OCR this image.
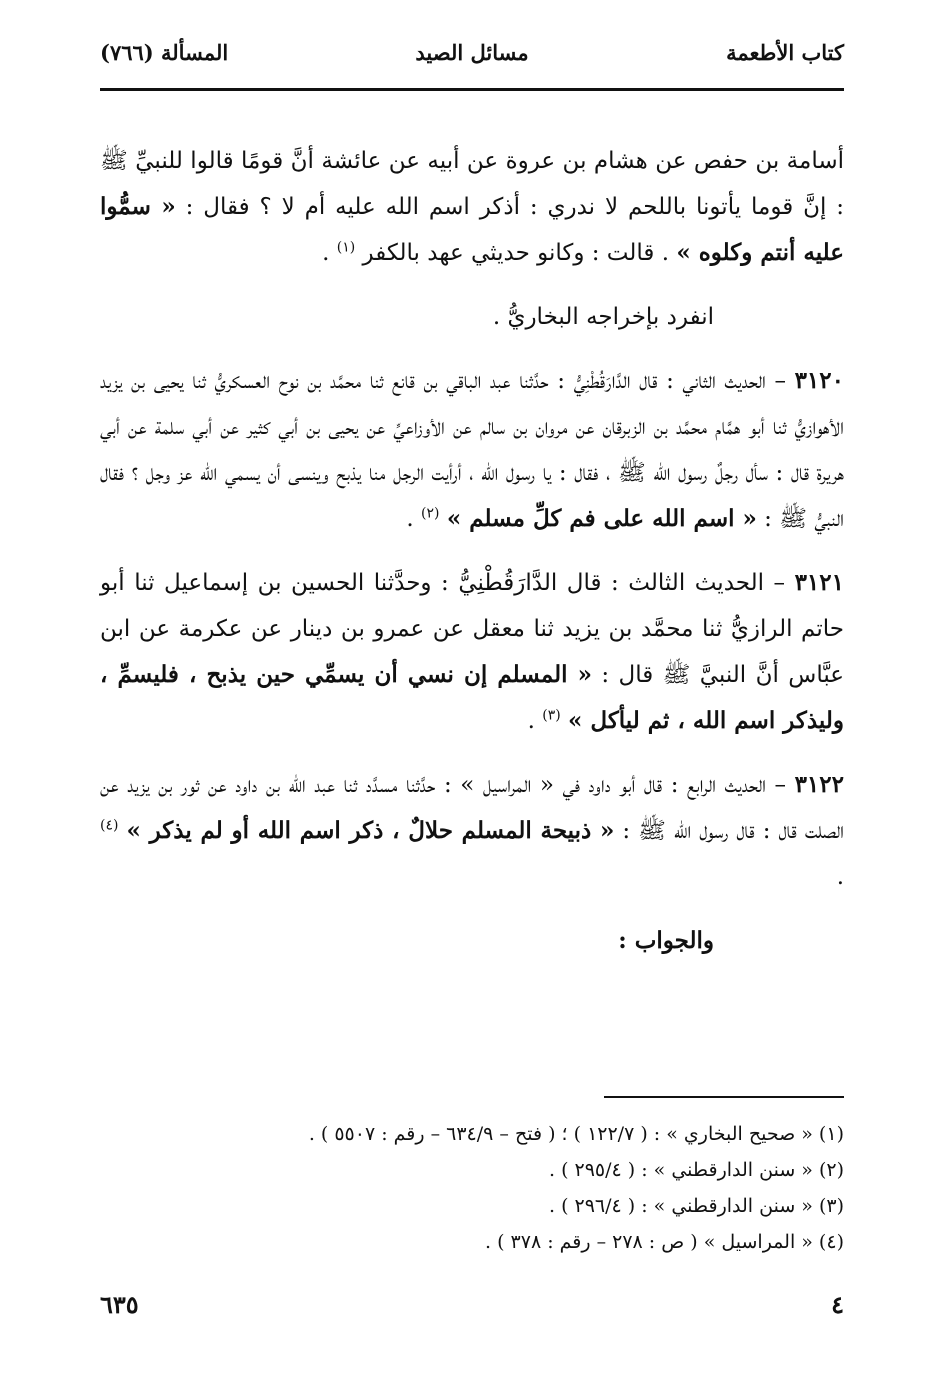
كتاب الأطعمة
مسائل الصيد
المسألة (٧٦٦)

أسامة بن حفص عن هشام بن عروة عن أبيه عن عائشة أنَّ قومًا قالوا للنبيِّ ﷺ : إنَّ قوما يأتونا باللحم لا ندري : أذكر اسم الله عليه أم لا ؟ فقال : « سمُّوا عليه أنتم وكلوه » . قالت : وكانو حديثي عهد بالكفر $^{(١)}$ .

انفرد بإخراجه البخاريُّ .

٣١٢٠ – الحديث الثاني : قال الدَّارَقُطْنِيُّ : حدَّثنا عبد الباقي بن قانع ثنا محمَّد بن نوح العسكريُّ ثنا يحيى بن يزيد الأهوازيُّ ثنا أبو همَّام محمَّد بن الزبرقان عن مروان بن سالم عن الأوزاعيِّ عن يحيى بن أبي كثير عن أبي سلمة عن أبي هريرة قال : سأل رجلٌ رسول الله ﷺ ، فقال : يا رسول الله ، أرأيت الرجل منا يذبح وينسى أن يسمي الله عز وجل ؟ فقال النبيُّ ﷺ : « اسم الله على فم كلِّ مسلم » $^{(٢)}$ .

٣١٢١ – الحديث الثالث : قال الدَّارَقُطْنِيُّ : وحدَّثنا الحسين بن إسماعيل ثنا أبو حاتم الرازيُّ ثنا محمَّد بن يزيد ثنا معقل عن عمرو بن دينار عن عكرمة عن ابن عبَّاس أنَّ النبيَّ ﷺ قال : « المسلم إن نسي أن يسمِّي حين يذبح ، فليسمِّ ، وليذكر اسم الله ، ثم ليأكل » $^{(٣)}$ .

٣١٢٢ – الحديث الرابع : قال أبو داود في « المراسيل » : حدَّثنا مسدَّد ثنا عبد الله بن داود عن ثور بن يزيد عن الصلت قال : قال رسول الله ﷺ : « ذبيحة المسلم حلالٌ ، ذكر اسم الله أو لم يذكر » $^{(٤)}$ .

والجواب :

(١) « صحيح البخاري » : ( ١٢٢/٧ ) ؛ ( فتح – ٦٣٤/٩ – رقم : ٥٥٠٧ ) .
(٢) « سنن الدارقطني » : ( ٢٩٥/٤ ) .
(٣) « سنن الدارقطني » : ( ٢٩٦/٤ ) .
(٤) « المراسيل » ( ص : ٢٧٨ – رقم : ٣٧٨ ) .
٤
٦٣٥
